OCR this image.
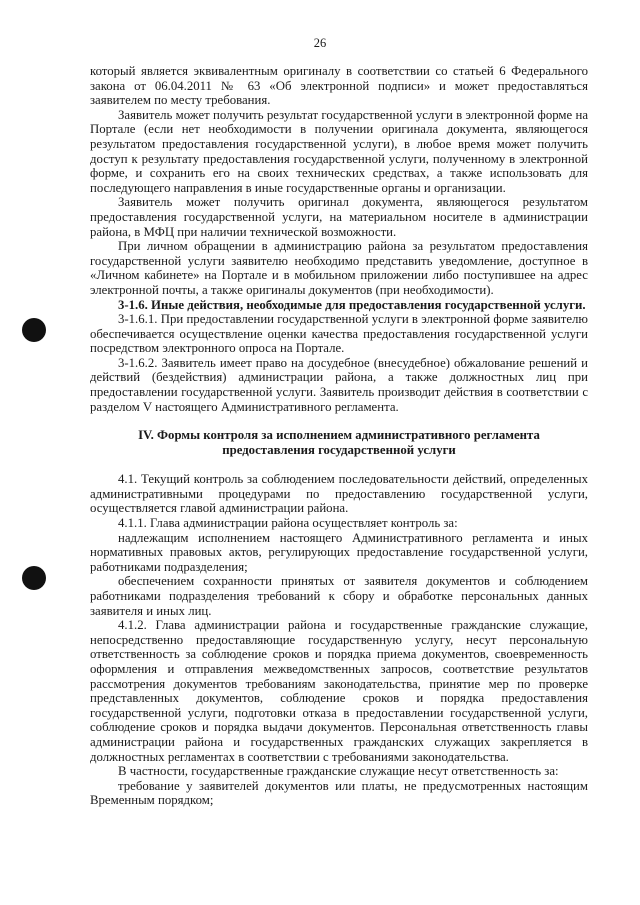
26

который является эквивалентным оригиналу в соответствии со статьей 6 Федерального закона от 06.04.2011 № 63 «Об электронной подписи» и может предоставляться заявителем по месту требования.

Заявитель может получить результат государственной услуги в электронной форме на Портале (если нет необходимости в получении оригинала документа, являющегося результатом предоставления государственной услуги), в любое время может получить доступ к результату предоставления государственной услуги, полученному в электронной форме, и сохранить его на своих технических средствах, а также использовать для последующего направления в иные государственные органы и организации.

Заявитель может получить оригинал документа, являющегося результатом предоставления государственной услуги, на материальном носителе в администрации района, в МФЦ при наличии технической возможности.

При личном обращении в администрацию района за результатом предоставления государственной услуги заявителю необходимо представить уведомление, доступное в «Личном кабинете» на Портале и в мобильном приложении либо поступившее на адрес электронной почты, а также оригиналы документов (при необходимости).

3-1.6. Иные действия, необходимые для предоставления государственной услуги.

3-1.6.1. При предоставлении государственной услуги в электронной форме заявителю обеспечивается осуществление оценки качества предоставления государственной услуги посредством электронного опроса на Портале.

3-1.6.2. Заявитель имеет право на досудебное (внесудебное) обжалование решений и действий (бездействия) администрации района, а также должностных лиц при предоставлении государственной услуги. Заявитель производит действия в соответствии с разделом V настоящего Административного регламента.

IV. Формы контроля за исполнением административного регламента
предоставления государственной услуги

4.1. Текущий контроль за соблюдением последовательности действий, определенных административными процедурами по предоставлению государственной услуги, осуществляется главой администрации района.

4.1.1. Глава администрации района осуществляет контроль за:

надлежащим исполнением настоящего Административного регламента и иных нормативных правовых актов, регулирующих предоставление государственной услуги, работниками подразделения;

обеспечением сохранности принятых от заявителя документов и соблюдением работниками подразделения требований к сбору и обработке персональных данных заявителя и иных лиц.

4.1.2. Глава администрации района и государственные гражданские служащие, непосредственно предоставляющие государственную услугу, несут персональную ответственность за соблюдение сроков и порядка приема документов, своевременность оформления и отправления межведомственных запросов, соответствие результатов рассмотрения документов требованиям законодательства, принятие мер по проверке представленных документов, соблюдение сроков и порядка предоставления государственной услуги, подготовки отказа в предоставлении государственной услуги, соблюдение сроков и порядка выдачи документов. Персональная ответственность главы администрации района и государственных гражданских служащих закрепляется в должностных регламентах в соответствии с требованиями законодательства.

В частности, государственные гражданские служащие несут ответственность за:

требование у заявителей документов или платы, не предусмотренных настоящим Временным порядком;
